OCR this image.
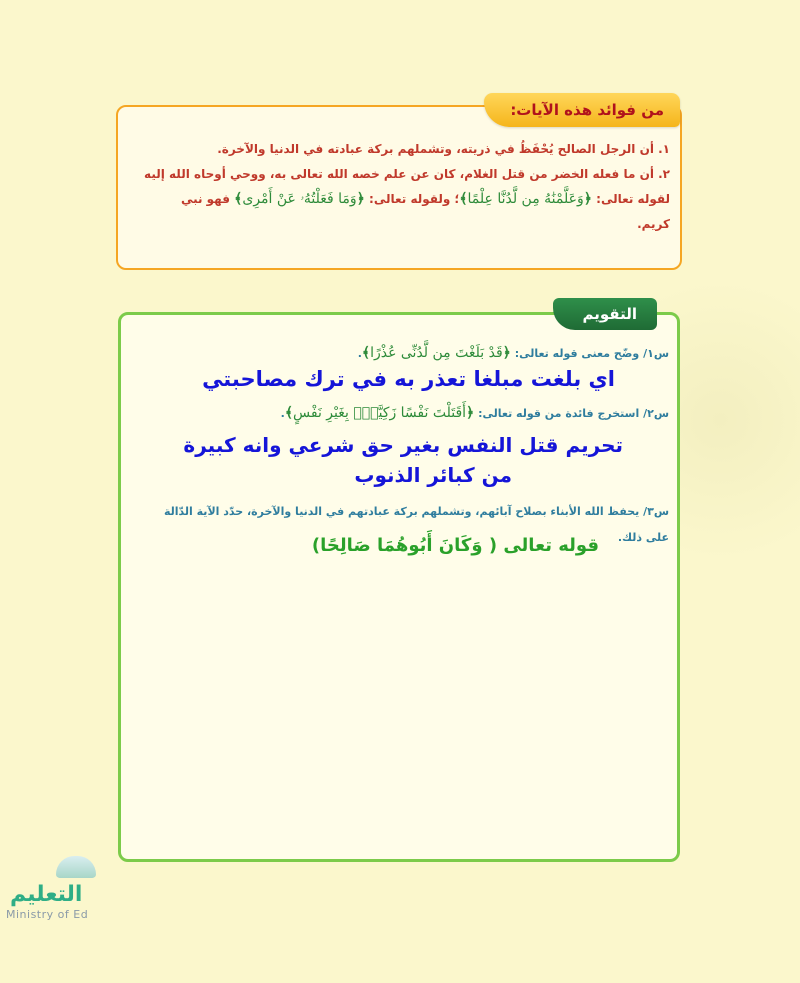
من فوائد هذه الآيات:

١. أن الرجل الصالح يُحْفَظُ في ذريته، وتشملهم بركة عبادته في الدنيا والآخرة.

٢. أن ما فعله الخضر من قتل الغلام، كان عن علم خصه الله تعالى به، ووحي أوحاه الله إليه

لقوله تعالى: ﴿وَعَلَّمْنَٰهُ مِن لَّدُنَّا عِلْمًا﴾؛ ولقوله تعالى: ﴿وَمَا فَعَلْتُهُۥ عَنْ أَمْرِى﴾ فهو نبي

كريم.

التقويم

س١/ وضّح معنى قوله تعالى: ﴿قَدْ بَلَغْتَ مِن لَّدُنِّى عُذْرًا﴾.

اي بلغت مبلغا تعذر به في ترك مصاحبتي

س٢/ استخرج فائدة من قوله تعالى: ﴿أَقَتَلْتَ نَفْسًا زَكِيَّةًۢ بِغَيْرِ نَفْسٍ﴾.

تحريم قتل النفس بغير حق شرعي وانه كبيرة

من كبائر الذنوب

س٣/ يحفظ الله الأبناء بصلاح آبائهم، وتشملهم بركة عبادتهم في الدنيا والآخرة، حدّد الآية الدّالة

على ذلك.

قوله تعالى ( وَكَانَ أَبُوهُمَا صَالِحًا)

التعليم
Ministry of Ed
